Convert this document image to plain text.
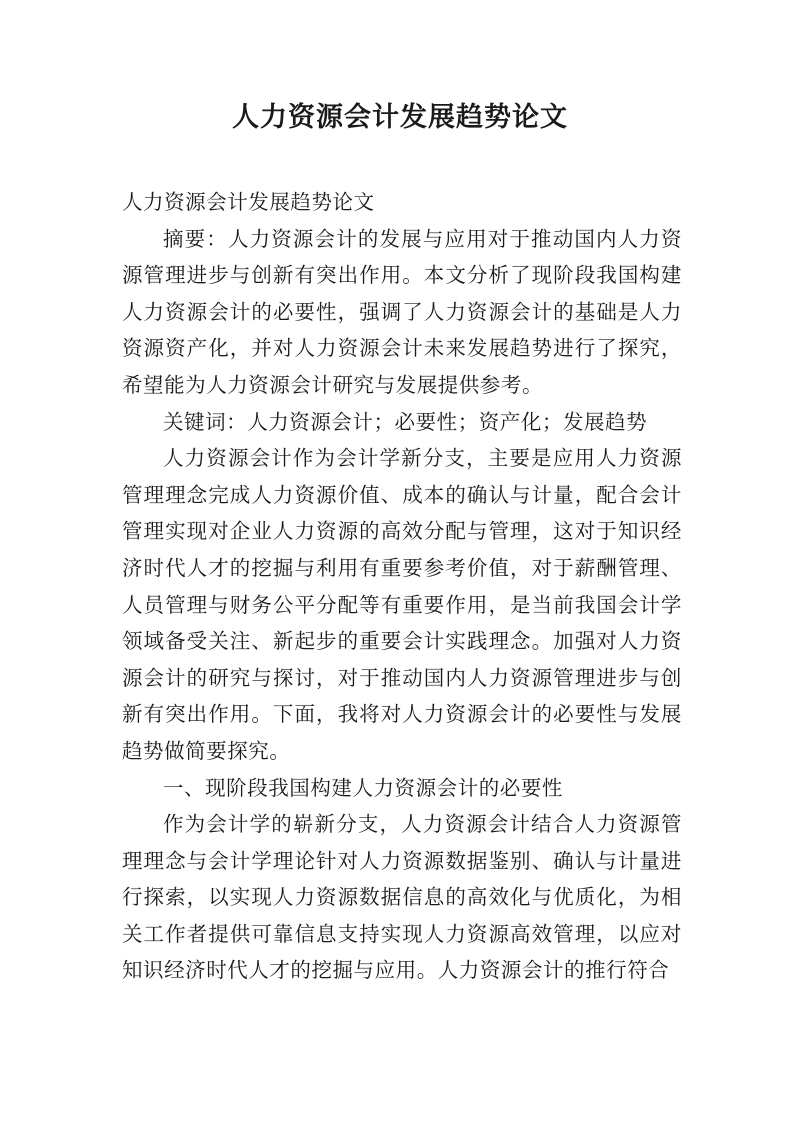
人力资源会计发展趋势论文

人力资源会计发展趋势论文

摘要：人力资源会计的发展与应用对于推动国内人力资源管理进步与创新有突出作用。本文分析了现阶段我国构建人力资源会计的必要性，强调了人力资源会计的基础是人力资源资产化，并对人力资源会计未来发展趋势进行了探究，希望能为人力资源会计研究与发展提供参考。

关键词：人力资源会计；必要性；资产化；发展趋势

人力资源会计作为会计学新分支，主要是应用人力资源管理理念完成人力资源价值、成本的确认与计量，配合会计管理实现对企业人力资源的高效分配与管理，这对于知识经济时代人才的挖掘与利用有重要参考价值，对于薪酬管理、人员管理与财务公平分配等有重要作用，是当前我国会计学领域备受关注、新起步的重要会计实践理念。加强对人力资源会计的研究与探讨，对于推动国内人力资源管理进步与创新有突出作用。下面，我将对人力资源会计的必要性与发展趋势做简要探究。

一、现阶段我国构建人力资源会计的必要性

作为会计学的崭新分支，人力资源会计结合人力资源管理理念与会计学理论针对人力资源数据鉴别、确认与计量进行探索，以实现人力资源数据信息的高效化与优质化，为相关工作者提供可靠信息支持实现人力资源高效管理，以应对知识经济时代人才的挖掘与应用。人力资源会计的推行符合
